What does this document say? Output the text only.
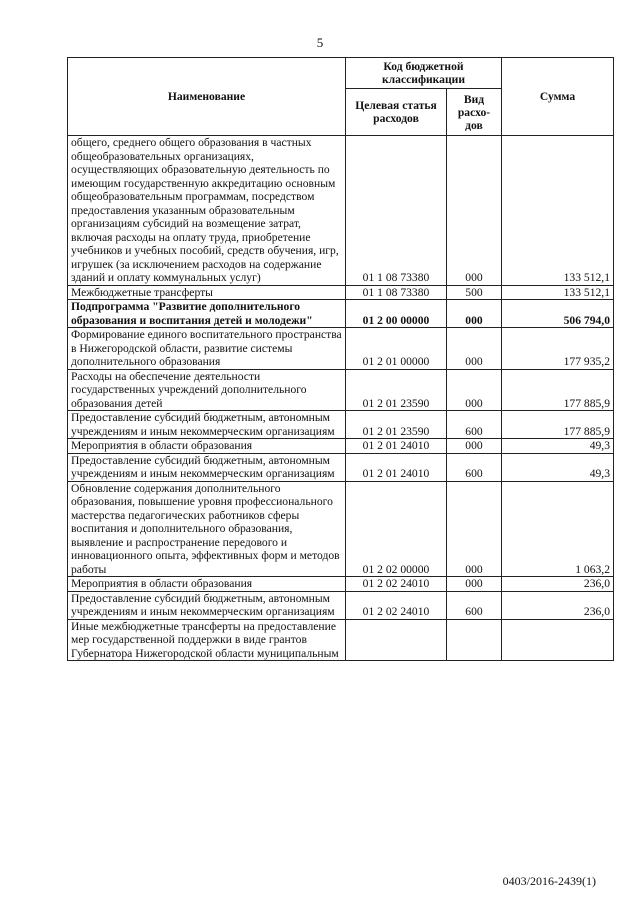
5
Наименование	Код бюджетной классификации		Сумма
	Целевая статья расходов	Вид расхо-дов	
общего, среднего общего образования в частных общеобразовательных организациях, осуществляющих образовательную деятельность по имеющим государственную аккредитацию основным общеобразовательным программам, посредством предоставления указанным образовательным организациям субсидий на возмещение затрат, включая расходы на оплату труда, приобретение учебников и учебных пособий, средств обучения, игр, игрушек (за исключением расходов на содержание зданий и оплату коммунальных услуг)	01 1 08 73380	000	133 512,1
Межбюджетные трансферты	01 1 08 73380	500	133 512,1
Подпрограмма "Развитие дополнительного образования и воспитания детей и молодежи"	01 2 00 00000	000	506 794,0
Формирование единого воспитательного пространства в Нижегородской области, развитие системы дополнительного образования	01 2 01 00000	000	177 935,2
Расходы на обеспечение деятельности государственных учреждений дополнительного образования детей	01 2 01 23590	000	177 885,9
Предоставление субсидий бюджетным, автономным учреждениям и иным некоммерческим организациям	01 2 01 23590	600	177 885,9
Мероприятия в области образования	01 2 01 24010	000	49,3
Предоставление субсидий бюджетным, автономным учреждениям и иным некоммерческим организациям	01 2 01 24010	600	49,3
Обновление содержания дополнительного образования, повышение уровня профессионального мастерства педагогических работников сферы воспитания и дополнительного образования, выявление и распространение передового и инновационного опыта, эффективных форм и методов работы	01 2 02 00000	000	1 063,2
Мероприятия в области образования	01 2 02 24010	000	236,0
Предоставление субсидий бюджетным, автономным учреждениям и иным некоммерческим организациям	01 2 02 24010	600	236,0
Иные межбюджетные трансферты на предоставление мер государственной поддержки в виде грантов Губернатора Нижегородской области муниципальным			
0403/2016-2439(1)
